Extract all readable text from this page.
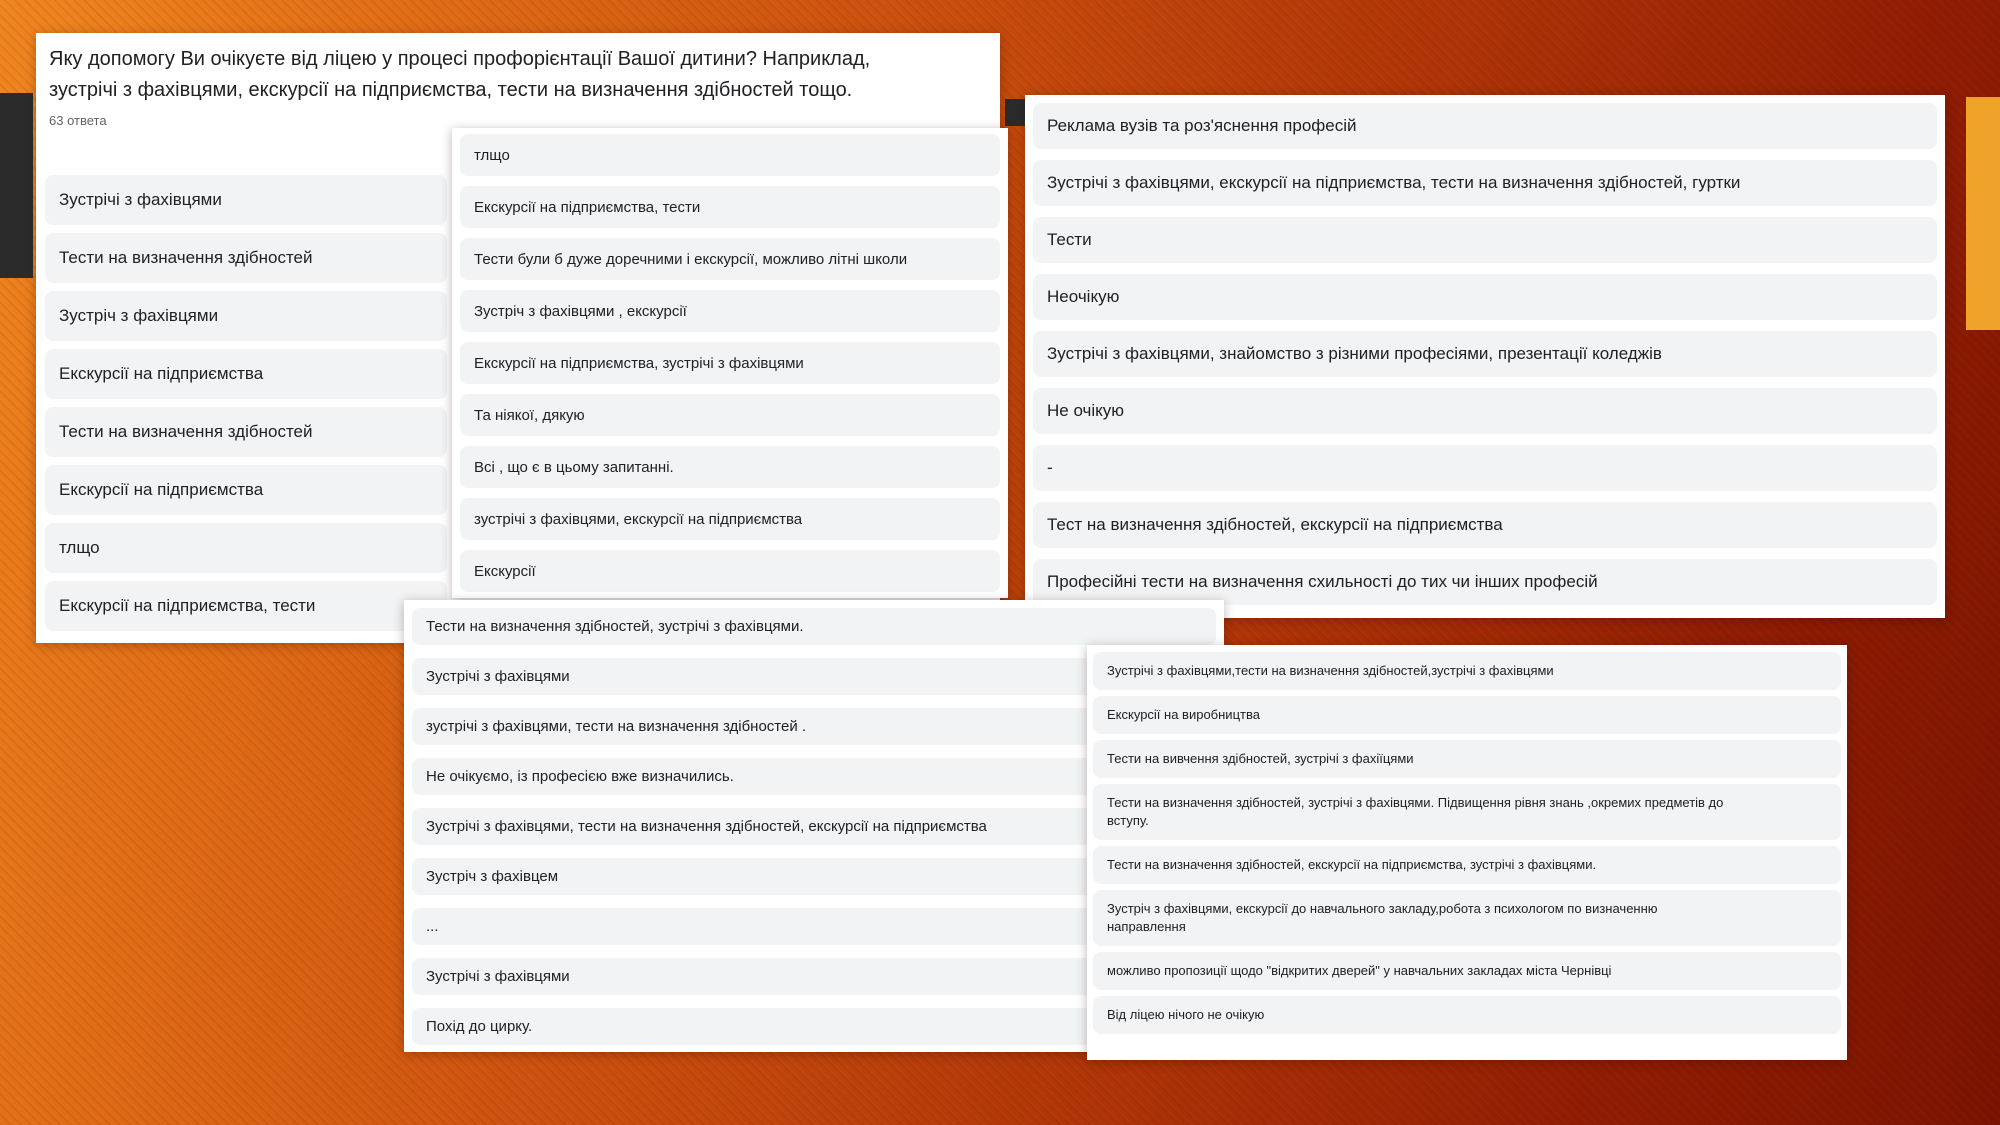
Яку допомогу Ви очікуєте від ліцею у процесі профорієнтації Вашої дитини? Наприклад, зустрічі з фахівцями, екскурсії на підприємства, тести на визначення здібностей тощо.
63 ответа
Зустрічі з фахівцями
Тести на визначення здібностей
Зустріч з фахівцями
Екскурсії на підприємства
Тести на визначення здібностей
Екскурсії на підприємства
тлщо
Екскурсії на підприємства, тести
тлщо
Екскурсії на підприємства, тести
Тести були б дуже доречними і екскурсії, можливо літні школи
Зустріч з фахівцями , екскурсії
Екскурсії на підприємства, зустрічі з фахівцями
Та ніякої, дякую
Всі , що є в цьому запитанні.
зустрічі з фахівцями, екскурсії на підприємства
Екскурсії
Реклама вузів та роз'яснення професій
Зустрічі з фахівцями, екскурсії на підприємства, тести на визначення здібностей, гуртки
Тести
Неочікую
Зустрічі з фахівцями, знайомство з різними професіями, презентації коледжів
Не очікую
-
Тест на визначення здібностей, екскурсії на підприємства
Професійні тести на визначення схильності до тих чи інших професій
Тести на визначення здібностей, зустрічі з фахівцями.
Зустрічі з фахівцями
зустрічі з фахівцями, тести на визначення здібностей .
Не очікуємо, із професією вже визначились.
Зустрічі з фахівцями, тести на визначення здібностей, екскурсії на підприємства
Зустріч з фахівцем
...
Зустрічі з фахівцями
Похід до цирку.
Зустрічі з фахівцями,тести на визначення здібностей,зустрічі з фахівцями
Екскурсії на виробництва
Тести на вивчення здібностей, зустрічі з фахіїцями
Тести на визначення здібностей, зустрічі з фахівцями. Підвищення рівня знань ,окремих предметів до вступу.
Тести на визначення здібностей, екскурсії на підприємства, зустрічі з фахівцями.
Зустріч з фахівцями, екскурсії до навчального закладу,робота з психологом по визначенню направлення
можливо пропозиції щодо "відкритих дверей" у навчальних закладах міста Чернівці
Від ліцею нічого не очікую
